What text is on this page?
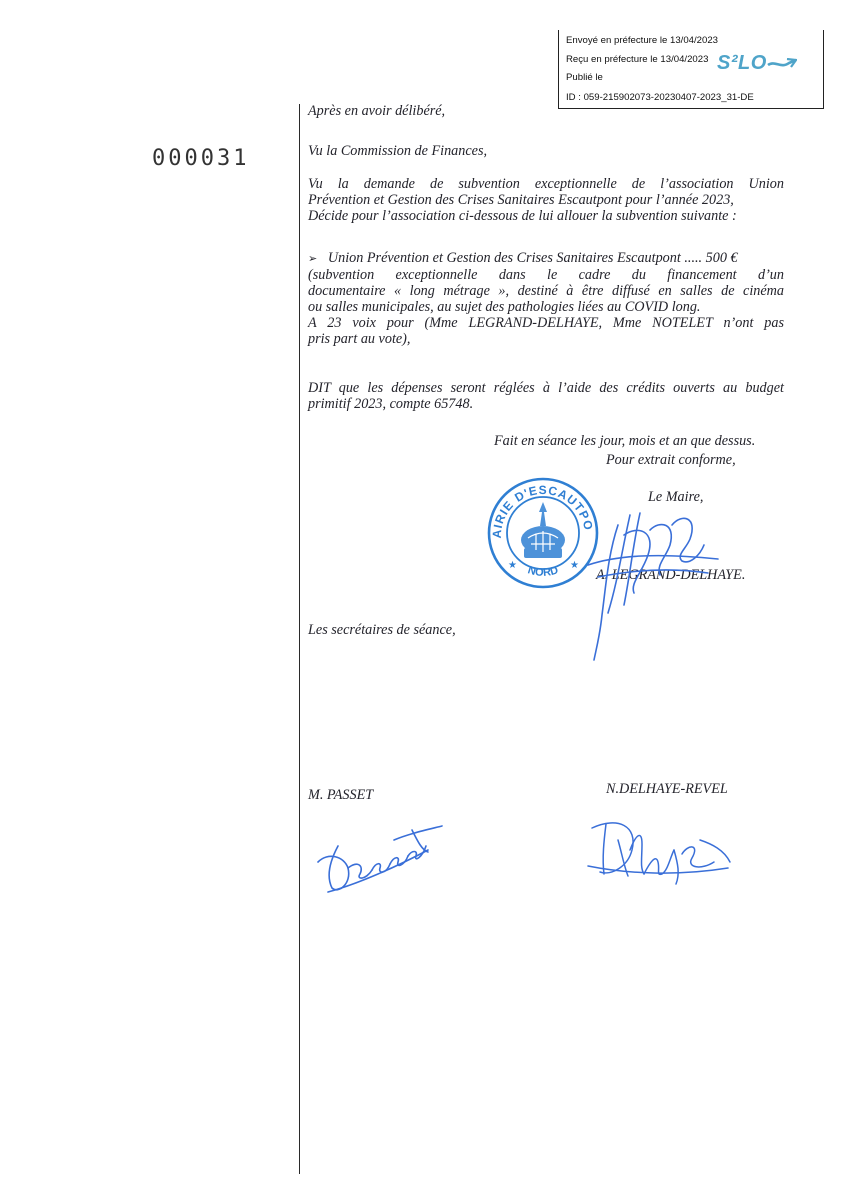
Envoyé en préfecture le 13/04/2023
Reçu en préfecture le 13/04/2023
Publié le
ID : 059-215902073-20230407-2023_31-DE
S²LO
000031
Après en avoir délibéré,
Vu la Commission de Finances,
Vu la demande de subvention exceptionnelle de l’association Union
Prévention et Gestion des Crises Sanitaires Escautpont pour l’année 2023,
Décide pour l’association ci-dessous de lui allouer la subvention suivante :
➢ Union Prévention et Gestion des Crises Sanitaires Escautpont ..... 500 €
(subvention exceptionnelle dans le cadre du financement d’un
documentaire « long métrage », destiné à être diffusé en salles de cinéma
ou salles municipales, au sujet des pathologies liées au COVID long.
A 23 voix pour (Mme LEGRAND-DELHAYE, Mme NOTELET n’ont pas
pris part au vote),
DIT que les dépenses seront réglées à l’aide des crédits ouverts au budget
primitif 2023, compte 65748.
Fait en séance les jour, mois et an que dessus.
Pour extrait conforme,
Le Maire,
A. LEGRAND-DELHAYE.
AIRIE D'ESCAUTPO
NORD
★	★
Les secrétaires de séance,
M. PASSET	N.DELHAYE-REVEL
